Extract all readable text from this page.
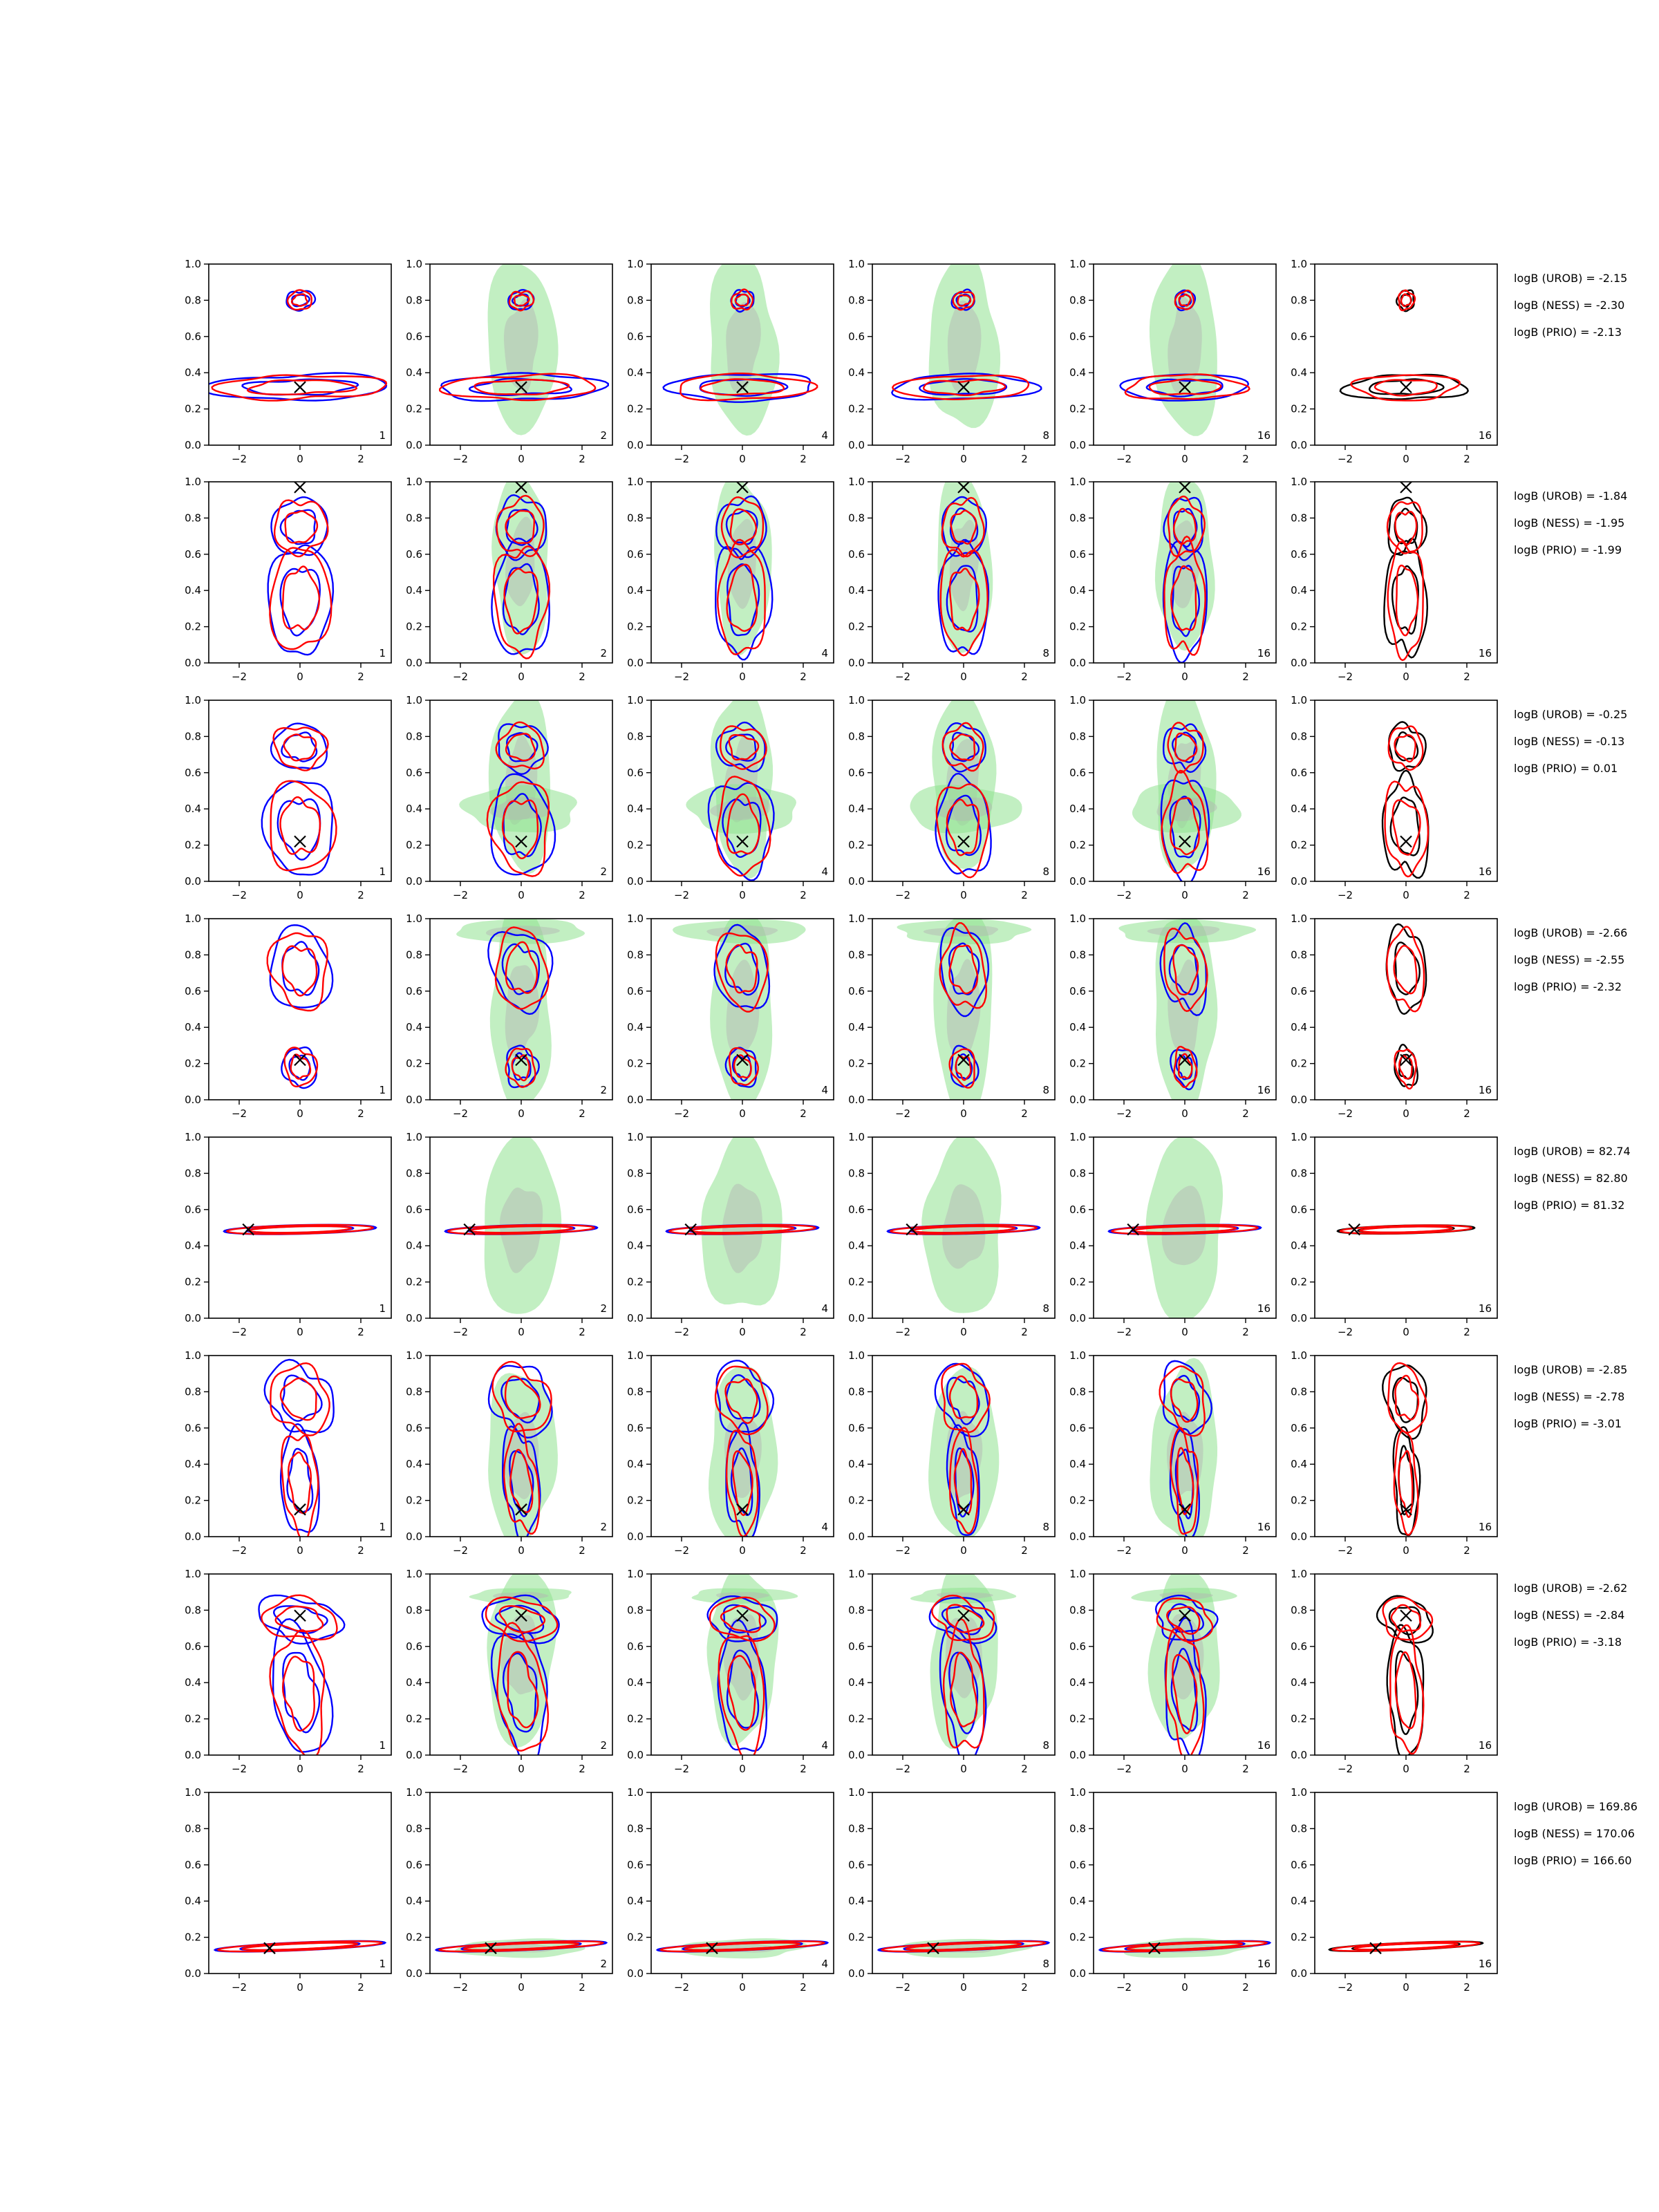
−2	0	2
0.0
0.2
0.4
0.6
0.8
1.0
1
−2	0	2
0.0
0.2
0.4
0.6
0.8
1.0
2
−2	0	2
0.0
0.2
0.4
0.6
0.8
1.0
4
−2	0	2
0.0
0.2
0.4
0.6
0.8
1.0
8
−2	0	2
0.0
0.2
0.4
0.6
0.8
1.0
16
−2	0	2
0.0
0.2
0.4
0.6
0.8
1.0
16
−2	0	2
0.0
0.2
0.4
0.6
0.8
1.0
1
−2	0	2
0.0
0.2
0.4
0.6
0.8
1.0
2
−2	0	2
0.0
0.2
0.4
0.6
0.8
1.0
4
−2	0	2
0.0
0.2
0.4
0.6
0.8
1.0
8
−2	0	2
0.0
0.2
0.4
0.6
0.8
1.0
16
−2	0	2
0.0
0.2
0.4
0.6
0.8
1.0
16
−2	0	2
0.0
0.2
0.4
0.6
0.8
1.0
1
−2	0	2
0.0
0.2
0.4
0.6
0.8
1.0
2
−2	0	2
0.0
0.2
0.4
0.6
0.8
1.0
4
−2	0	2
0.0
0.2
0.4
0.6
0.8
1.0
8
−2	0	2
0.0
0.2
0.4
0.6
0.8
1.0
16
−2	0	2
0.0
0.2
0.4
0.6
0.8
1.0
16
−2	0	2
0.0
0.2
0.4
0.6
0.8
1.0
1
−2	0	2
0.0
0.2
0.4
0.6
0.8
1.0
2
−2	0	2
0.0
0.2
0.4
0.6
0.8
1.0
4
−2	0	2
0.0
0.2
0.4
0.6
0.8
1.0
8
−2	0	2
0.0
0.2
0.4
0.6
0.8
1.0
16
−2	0	2
0.0
0.2
0.4
0.6
0.8
1.0
16
−2	0	2
0.0
0.2
0.4
0.6
0.8
1.0
1
−2	0	2
0.0
0.2
0.4
0.6
0.8
1.0
2
−2	0	2
0.0
0.2
0.4
0.6
0.8
1.0
4
−2	0	2
0.0
0.2
0.4
0.6
0.8
1.0
8
−2	0	2
0.0
0.2
0.4
0.6
0.8
1.0
16
−2	0	2
0.0
0.2
0.4
0.6
0.8
1.0
16
−2	0	2
0.0
0.2
0.4
0.6
0.8
1.0
1
−2	0	2
0.0
0.2
0.4
0.6
0.8
1.0
2
−2	0	2
0.0
0.2
0.4
0.6
0.8
1.0
4
−2	0	2
0.0
0.2
0.4
0.6
0.8
1.0
8
−2	0	2
0.0
0.2
0.4
0.6
0.8
1.0
16
−2	0	2
0.0
0.2
0.4
0.6
0.8
1.0
16
−2	0	2
0.0
0.2
0.4
0.6
0.8
1.0
1
−2	0	2
0.0
0.2
0.4
0.6
0.8
1.0
2
−2	0	2
0.0
0.2
0.4
0.6
0.8
1.0
4
−2	0	2
0.0
0.2
0.4
0.6
0.8
1.0
8
−2	0	2
0.0
0.2
0.4
0.6
0.8
1.0
16
−2	0	2
0.0
0.2
0.4
0.6
0.8
1.0
16
−2	0	2
0.0
0.2
0.4
0.6
0.8
1.0
1
−2	0	2
0.0
0.2
0.4
0.6
0.8
1.0
2
−2	0	2
0.0
0.2
0.4
0.6
0.8
1.0
4
−2	0	2
0.0
0.2
0.4
0.6
0.8
1.0
8
−2	0	2
0.0
0.2
0.4
0.6
0.8
1.0
16
−2	0	2
0.0
0.2
0.4
0.6
0.8
1.0
16
logB (UROB) = -2.15
logB (NESS) = -2.30
logB (PRIO) = -2.13
logB (UROB) = -1.84
logB (NESS) = -1.95
logB (PRIO) = -1.99
logB (UROB) = -0.25
logB (NESS) = -0.13
logB (PRIO) = 0.01
logB (UROB) = -2.66
logB (NESS) = -2.55
logB (PRIO) = -2.32
logB (UROB) = 82.74
logB (NESS) = 82.80
logB (PRIO) = 81.32
logB (UROB) = -2.85
logB (NESS) = -2.78
logB (PRIO) = -3.01
logB (UROB) = -2.62
logB (NESS) = -2.84
logB (PRIO) = -3.18
logB (UROB) = 169.86
logB (NESS) = 170.06
logB (PRIO) = 166.60
